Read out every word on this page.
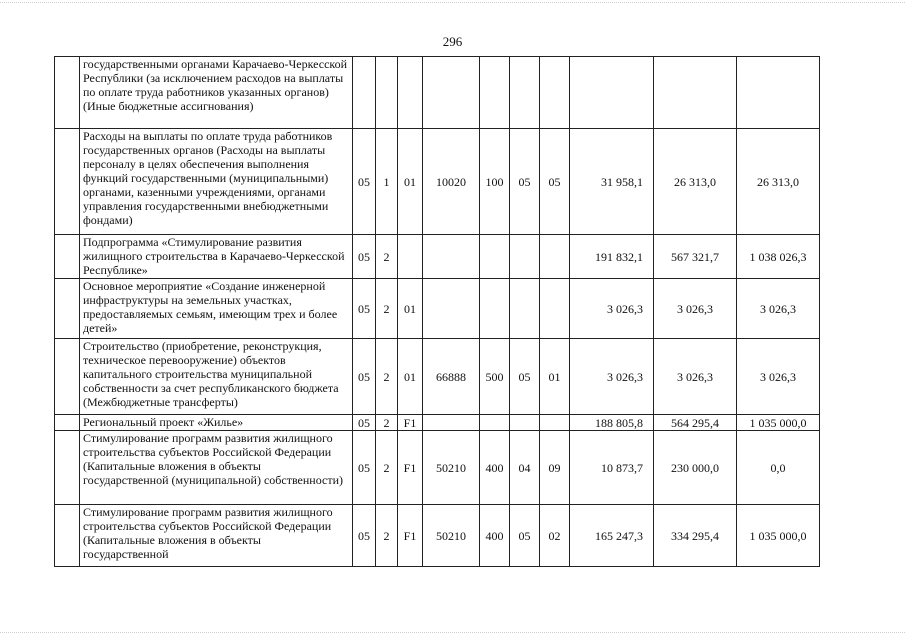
296
	государственными органами Карачаево-Черкесской Республики (за исключением расходов на выплаты по оплате труда работников указанных органов) (Иные бюджетные ассигнования)										
	Расходы на выплаты по оплате труда работников государственных органов (Расходы на выплаты персоналу в целях обеспечения выполнения функций государственными (муниципальными) органами, казенными учреждениями, органами управления государственными внебюджетными фондами)	05	1	01	10020	100	05	05	31 958,1	26 313,0	26 313,0
	Подпрограмма «Стимулирование развития жилищного строительства в Карачаево-Черкесской Республике»	05	2						191 832,1	567 321,7	1 038 026,3
	Основное мероприятие «Создание инженерной инфраструктуры на земельных участках, предоставляемых семьям, имеющим трех и более детей»	05	2	01					3 026,3	3 026,3	3 026,3
	Строительство (приобретение, реконструкция, техническое перевооружение) объектов капитального строительства муниципальной собственности за счет республиканского бюджета (Межбюджетные трансферты)	05	2	01	66888	500	05	01	3 026,3	3 026,3	3 026,3
	Региональный проект «Жилье»	05	2	F1					188 805,8	564 295,4	1 035 000,0
	Стимулирование программ развития жилищного строительства субъектов Российской Федерации (Капитальные вложения в объекты государственной (муниципальной) собственности)	05	2	F1	50210	400	04	09	10 873,7	230 000,0	0,0
	Стимулирование программ развития жилищного строительства субъектов Российской Федерации (Капитальные вложения в объекты государственной	05	2	F1	50210	400	05	02	165 247,3	334 295,4	1 035 000,0
